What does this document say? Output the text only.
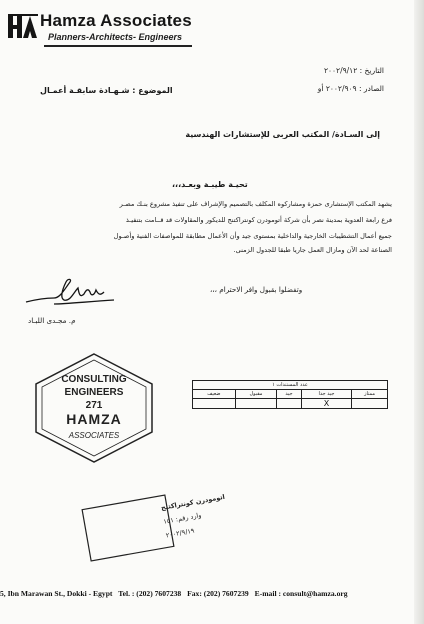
Hamza Associates
Planners-Architects- Engineers
التاريخ : ٢٠٠٢/٩/١٢
الصادر : ٢٠٠٢/٩٠٩ أو
الموضوع : شـهـادة سابقـة أعمـال
إلى السـادة/ المكتب العربى للإستشارات الهندسية
تحيـة طيبـة وبعـد،،،
يشهد المكتب الإستشارى حمزة ومشاركوه المكلف بالتصميم والإشراف على تنفيذ مشروع بنـك مصـر
فرع رابعة العدوية بمدينة نصر بأن شركة أتومودرن كونتراكتنج للديكور والمقاولات قد قــامت بتنفيـذ
جميع أعمال التشطيبات الخارجية والداخلية بمستوى جيد وأن الأعمال مطابقة للمواصفات الفنية وأصـول
الصناعة لحد الآن ومازال العمل جاريا طبقا للجدول الزمنى.
وتفضلوا بقبول وافر الاحترام ،،،
م. مجـدى اللبـاد
CONSULTING
ENGINEERS
271
HAMZA
ASSOCIATES
عدد المستندات ١				
ضعيف	مقبول	جيد	جيد جدا	ممتاز
			X	
اتومودرن كونتراكتنج
وارد رقم: ١٥١
٢٠٠٢/٩/١٩
5, Ibn Marawan St., Dokki - Egypt Tel. : (202) 7607238 Fax: (202) 7607239 E-mail : consult@hamza.org
